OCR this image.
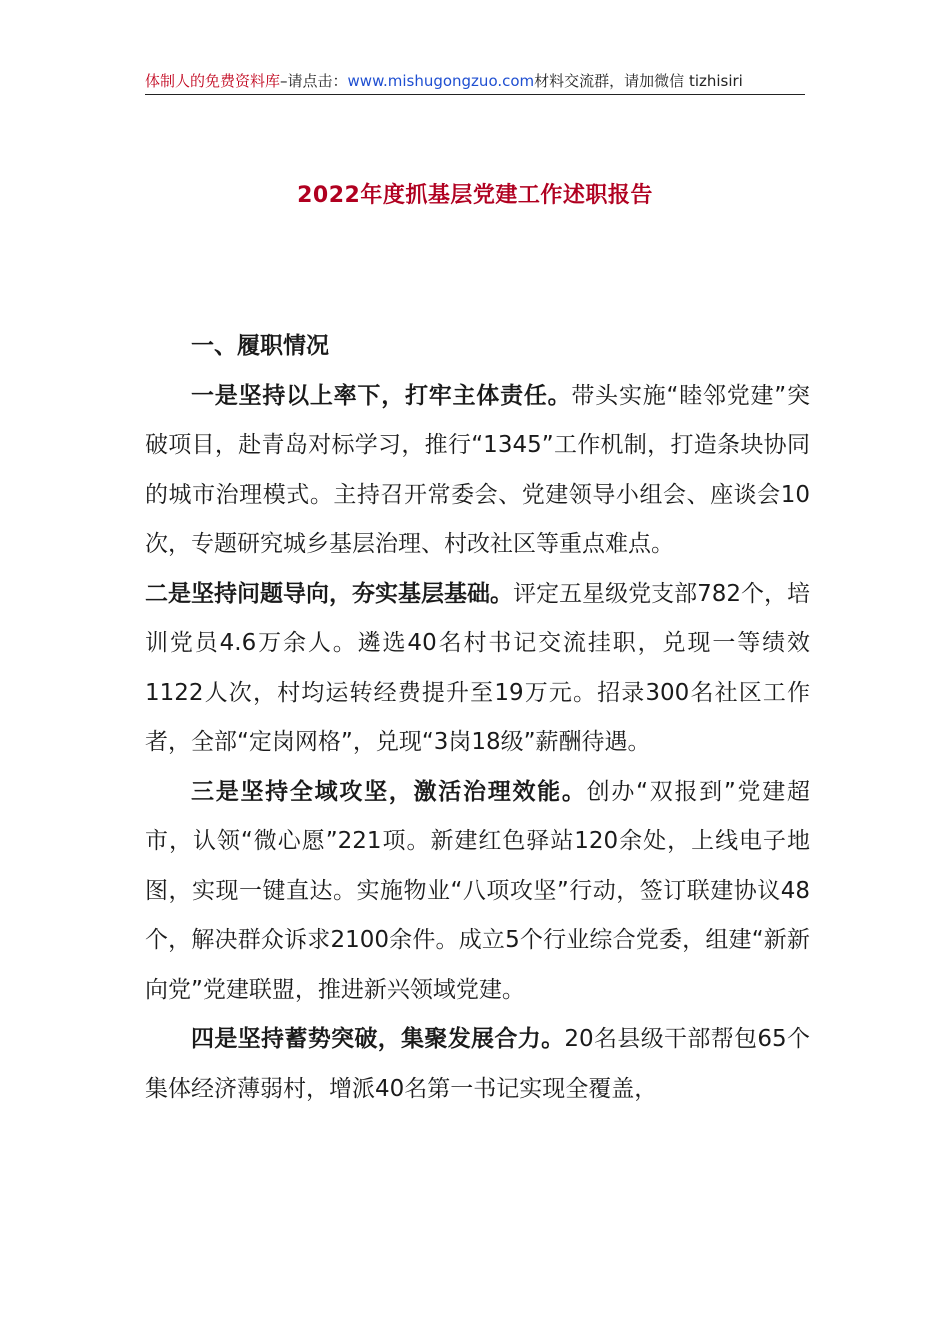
体制人的免费资料库–请点击：www.mishugongzuo.com材料交流群，请加微信 tizhisiri
2022年度抓基层党建工作述职报告

一、履职情况

一是坚持以上率下，打牢主体责任。带头实施“睦邻党建”突破项目，赴青岛对标学习，推行“1345”工作机制，打造条块协同的城市治理模式。主持召开常委会、党建领导小组会、座谈会10次，专题研究城乡基层治理、村改社区等重点难点。

二是坚持问题导向，夯实基层基础。评定五星级党支部782个，培训党员4.6万余人。遴选40名村书记交流挂职，兑现一等绩效1122人次，村均运转经费提升至19万元。招录300名社区工作者，全部“定岗网格”，兑现“3岗18级”薪酬待遇。

三是坚持全域攻坚，激活治理效能。创办“双报到”党建超市，认领“微心愿”221项。新建红色驿站120余处，上线电子地图，实现一键直达。实施物业“八项攻坚”行动，签订联建协议48个，解决群众诉求2100余件。成立5个行业综合党委，组建“新新向党”党建联盟，推进新兴领域党建。

四是坚持蓄势突破，集聚发展合力。20名县级干部帮包65个集体经济薄弱村，增派40名第一书记实现全覆盖，
